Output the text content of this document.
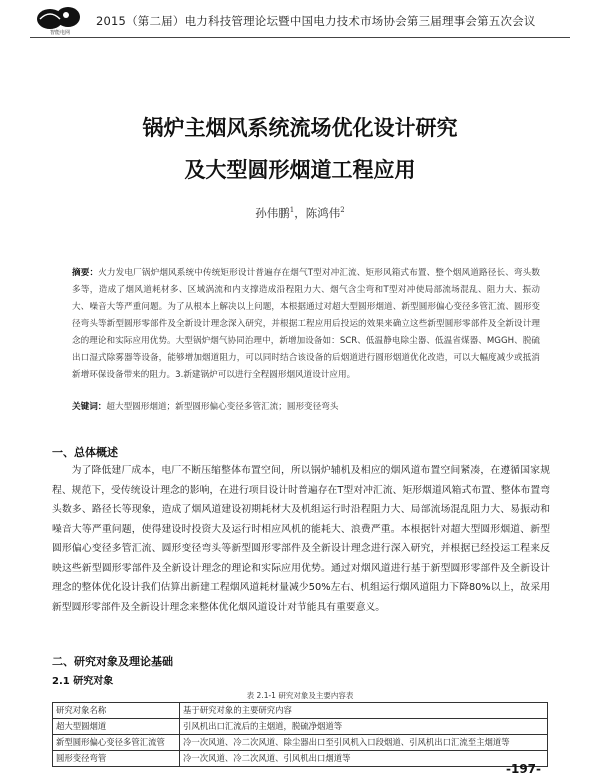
智能电网
2015（第二届）电力科技管理论坛暨中国电力技术市场协会第三届理事会第五次会议
锅炉主烟风系统流场优化设计研究
及大型圆形烟道工程应用
孙伟鹏$^1$，陈鸿伟$^2$
摘要：火力发电厂锅炉烟风系统中传统矩形设计普遍存在烟气T型对冲汇流、矩形风箱式布置、整个烟风道路径长、弯头数多等，造成了烟风道耗材多、区域涡流和内支撑造成沿程阻力大、烟气含尘弯和T型对冲使局部流场混乱、阻力大、振动大、噪音大等严重问题。为了从根本上解决以上问题，本根据通过对超大型圆形烟道、新型圆形偏心变径多管汇流、圆形变径弯头等新型圆形零部件及全新设计理念深入研究，并根据工程应用后投运的效果来确立这些新型圆形零部件及全新设计理念的理论和实际应用优势。大型锅炉烟气协同治理中，新增加设备如：SCR、低温静电除尘器、低温省煤器、MGGH、脱硫出口湿式除雾器等设备，能够增加烟道阻力，可以同时结合该设备的后烟道进行圆形烟道优化改造，可以大幅度减少或抵消新增环保设备带来的阻力。3.新建锅炉可以进行全程圆形烟风道设计应用。
关键词：超大型圆形烟道；新型圆形偏心变径多管汇流；圆形变径弯头
一、总体概述
为了降低建厂成本，电厂不断压缩整体布置空间，所以锅炉辅机及相应的烟风道布置空间紧凑，在遵循国家规程、规范下，受传统设计理念的影响，在进行项目设计时普遍存在T型对冲汇流、矩形烟道风箱式布置、整体布置弯头数多、路径长等现象，造成了烟风道建设初期耗材大及机组运行时沿程阻力大、局部流场混乱阻力大、易振动和噪音大等严重问题，使得建设时投资大及运行时相应风机的能耗大、浪费严重。本根据针对超大型圆形烟道、新型圆形偏心变径多管汇流、圆形变径弯头等新型圆形零部件及全新设计理念进行深入研究，并根据已经投运工程来反映这些新型圆形零部件及全新设计理念的理论和实际应用优势。通过对烟风道进行基于新型圆形零部件及全新设计理念的整体优化设计我们估算出新建工程烟风道耗材量减少50%左右、机组运行烟风道阻力下降80%以上，故采用新型圆形零部件及全新设计理念来整体优化烟风道设计对节能具有重要意义。
二、研究对象及理论基础
2.1 研究对象
表 2.1-1 研究对象及主要内容表
研究对象名称	基于研究对象的主要研究内容
超大型圆烟道	引风机出口汇流后的主烟道，脱硫净烟道等
新型圆形偏心变径多管汇流管	冷一次风道、冷二次风道、除尘器出口至引风机入口段烟道、引风机出口汇流至主烟道等
圆形变径弯管	冷一次风道、冷二次风道、引风机出口烟道等
-197-
